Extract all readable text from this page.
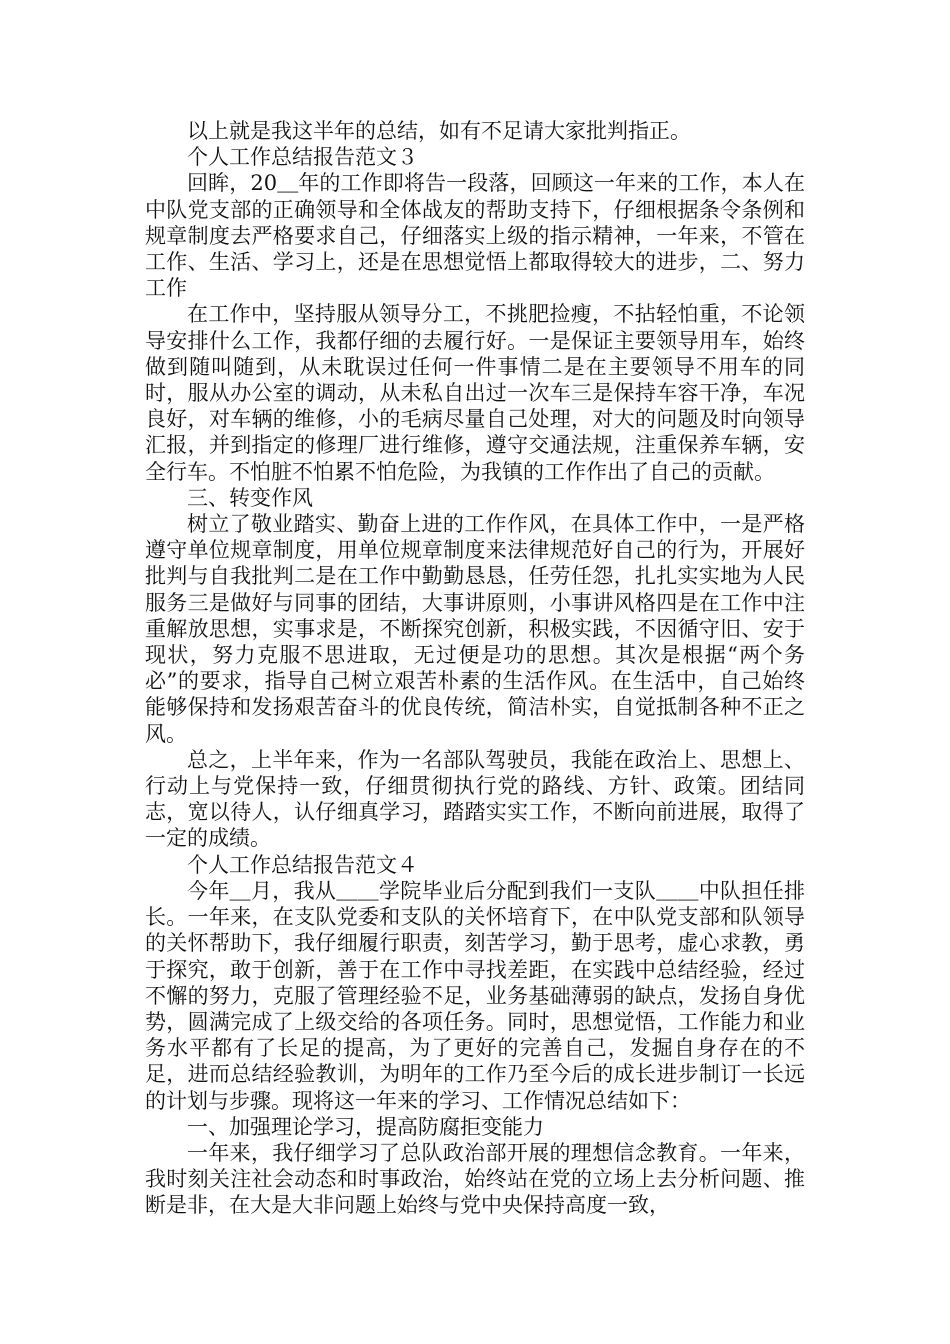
以上就是我这半年的总结，如有不足请大家批判指正。

个人工作总结报告范文３

回眸，20＿年的工作即将告一段落，回顾这一年来的工作，本人在中队党支部的正确领导和全体战友的帮助支持下，仔细根据条令条例和规章制度去严格要求自己，仔细落实上级的指示精神，一年来，不管在工作、生活、学习上，还是在思想觉悟上都取得较大的进步，二、努力工作

在工作中，坚持服从领导分工，不挑肥捡瘦，不拈轻怕重，不论领导安排什么工作，我都仔细的去履行好。一是保证主要领导用车，始终做到随叫随到，从未耽误过任何一件事情二是在主要领导不用车的同时，服从办公室的调动，从未私自出过一次车三是保持车容干净，车况良好，对车辆的维修，小的毛病尽量自己处理，对大的问题及时向领导汇报，并到指定的修理厂进行维修，遵守交通法规，注重保养车辆，安全行车。不怕脏不怕累不怕危险，为我镇的工作作出了自己的贡献。

三、转变作风

树立了敬业踏实、勤奋上进的工作作风，在具体工作中，一是严格遵守单位规章制度，用单位规章制度来法律规范好自己的行为，开展好批判与自我批判二是在工作中勤勤恳恳，任劳任怨，扎扎实实地为人民服务三是做好与同事的团结，大事讲原则，小事讲风格四是在工作中注重解放思想，实事求是，不断探究创新，积极实践，不因循守旧、安于现状，努力克服不思进取，无过便是功的思想。其次是根据“两个务必”的要求，指导自己树立艰苦朴素的生活作风。在生活中，自己始终能够保持和发扬艰苦奋斗的优良传统，简洁朴实，自觉抵制各种不正之风。

总之，上半年来，作为一名部队驾驶员，我能在政治上、思想上、行动上与党保持一致，仔细贯彻执行党的路线、方针、政策。团结同志，宽以待人，认仔细真学习，踏踏实实工作，不断向前进展，取得了一定的成绩。

个人工作总结报告范文４

今年＿月，我从＿＿学院毕业后分配到我们一支队＿＿中队担任排长。一年来，在支队党委和支队的关怀培育下，在中队党支部和队领导的关怀帮助下，我仔细履行职责，刻苦学习，勤于思考，虚心求教，勇于探究，敢于创新，善于在工作中寻找差距，在实践中总结经验，经过不懈的努力，克服了管理经验不足，业务基础薄弱的缺点，发扬自身优势，圆满完成了上级交给的各项任务。同时，思想觉悟，工作能力和业务水平都有了长足的提高，为了更好的完善自己，发掘自身存在的不足，进而总结经验教训，为明年的工作乃至今后的成长进步制订一长远的计划与步骤。现将这一年来的学习、工作情况总结如下：

一、加强理论学习，提高防腐拒变能力

一年来，我仔细学习了总队政治部开展的理想信念教育。一年来，我时刻关注社会动态和时事政治，始终站在党的立场上去分析问题、推断是非，在大是大非问题上始终与党中央保持高度一致，
